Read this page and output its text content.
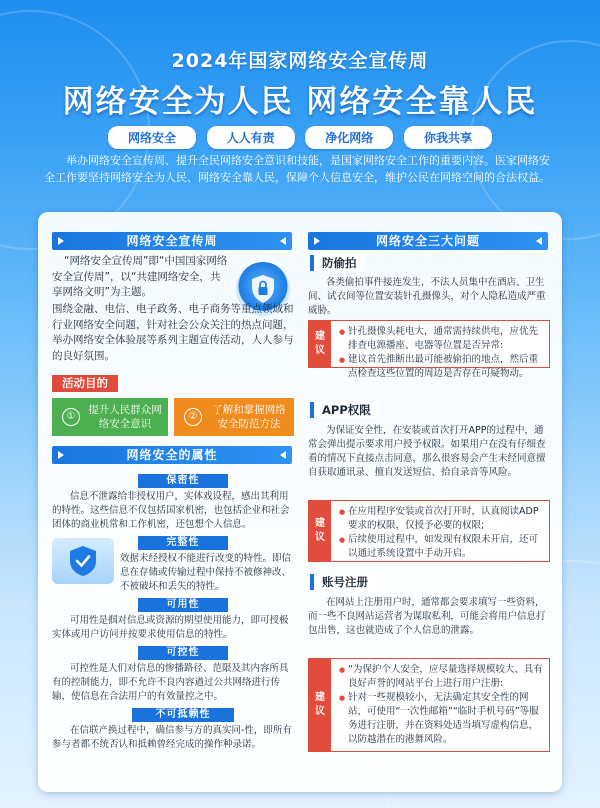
2024年国家网络安全宣传周
网络安全为人民 网络安全靠人民
网络安全	人人有责	净化网络	你我共享
举办网络安全宣传周、提升全民网络安全意识和技能，是国家网络安全工作的重要内容。医家网络安全工作要坚持网络安全为人民、网络安全靠人民，保障个人信息安全，维护公民在网络空间的合法权益。
网络安全宣传周
“网络安全宣传周”即“中国国家网络安全宣传周”，以“共建网络安全，共享网络文明”为主题。
围绕金融、电信、电子政务、电子商务等重点领域和行业网络安全问题，针对社会公众关注的热点问题，举办网络安全体验展等系列主题宣传活动，人人参与的良好氛围。
活动目的
①
提升人民群众网络安全意识
②
了解和掌握网络安全防范方法
网络安全的属性
保密性
信息不泄露给非授权用户，实体戏设程，感出其利用的特性。这些信息不仅包括国家机密，也包括企业和社会团体的商业机常和工作机密，还包想个人信息。
完整性
效据未经授权不能进行改变的特性。即信息在存储或传输过程中保持不被修神改、不被破坏和丢失的特性。
可用性
可用性是掴对信息或资源的期望使用能力，即可授极实体或用户访问并按要求使用信息的特性。
可控性
可控性是人们对信息的惨播路径、范限及其内容所具有的控制能力，即不允许不良内容遒过公共网络进行传输，使信息在合法用户的有效量控之中。
不可抵赖性
在信联产换过程中，确信参与方的真实同-性，即所有参与者都不统否认和抵赖曾经完成的操作种录诺。
网络安全三大问题
防偷拍
各类偷拍事件接连发生，不法人员集中在酒店、卫生间、试衣间等位置安装针孔摄像头，对个人隐私造成严重威胁。
建
议
● 针孔摄像头耗电大，通常需持续供电，应优先排查电源播座、电器等位置是否异常:
● 建议首先推断出最可能被偷拍的地点，然后重点检查这些位置的周边是否存在可疑物动。
APP权限
为保证安全性，在安装或首次打开APP的过程中，通常会弹出提示要求用户授予权限。如果用户在没有仔细查看的情况下直接点击同意，那么很容易会产生未经同意擅自获取通讯录、擅自发送短信、拾自录音等风险。
建
议
● 在应用程序安装或首次打开时，认真阅读ADP要求的权限，仅授予必要的权限;
● 后续使用过程中，如发现有权限未开启，还可以通过系统设置中手动开启。
账号注册
在网站上注册用户时，通常都会要求填写一些资料，而一些不良网站运营者为谋取私利，可能会将用户信息打包出售，这也就造成了个人信息的泄露。
建
议
● “为保护个人安全，应尽量选择规模较大、具有良好声誉的网站平台上进行用户注册:
● 针对一些规模较小，无法确定其安全性的网站，可使用“一次性邮箱”“临时手机号码”等服务进行注册，并在资料处适当填写虚构信息，以防越潜在的港舞风险。
